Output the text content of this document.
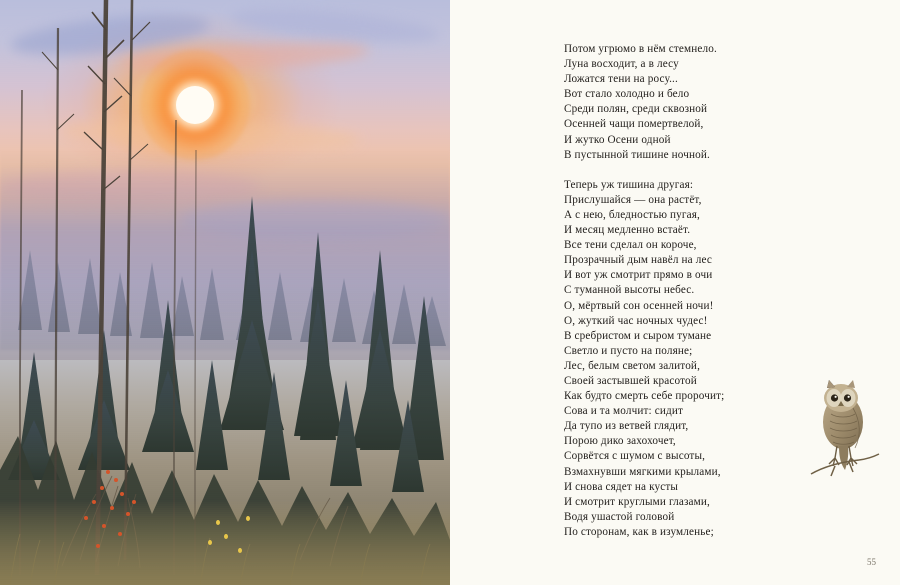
Потом угрюмо в нём стемнело.
Луна восходит, а в лесу
Ложатся тени на росу...
Вот стало холодно и бело
Среди полян, среди сквозной
Осенней чащи помертвелой,
И жутко Осени одной
В пустынной тишине ночной.
Теперь уж тишина другая:
Прислушайся — она растёт,
А с нею, бледностью пугая,
И месяц медленно встаёт.
Все тени сделал он короче,
Прозрачный дым навёл на лес
И вот уж смотрит прямо в очи
С туманной высоты небес.
О, мёртвый сон осенней ночи!
О, жуткий час ночных чудес!
В сребристом и сыром тумане
Светло и пусто на поляне;
Лес, белым светом залитой,
Своей застывшей красотой
Как будто смерть себе пророчит;
Сова и та молчит: сидит
Да тупо из ветвей глядит,
Порою дико захохочет,
Сорвётся с шумом с высоты,
Взмахнувши мягкими крылами,
И снова сядет на кусты
И смотрит круглыми глазами,
Водя ушастой головой
По сторонам, как в изумленье;
55
